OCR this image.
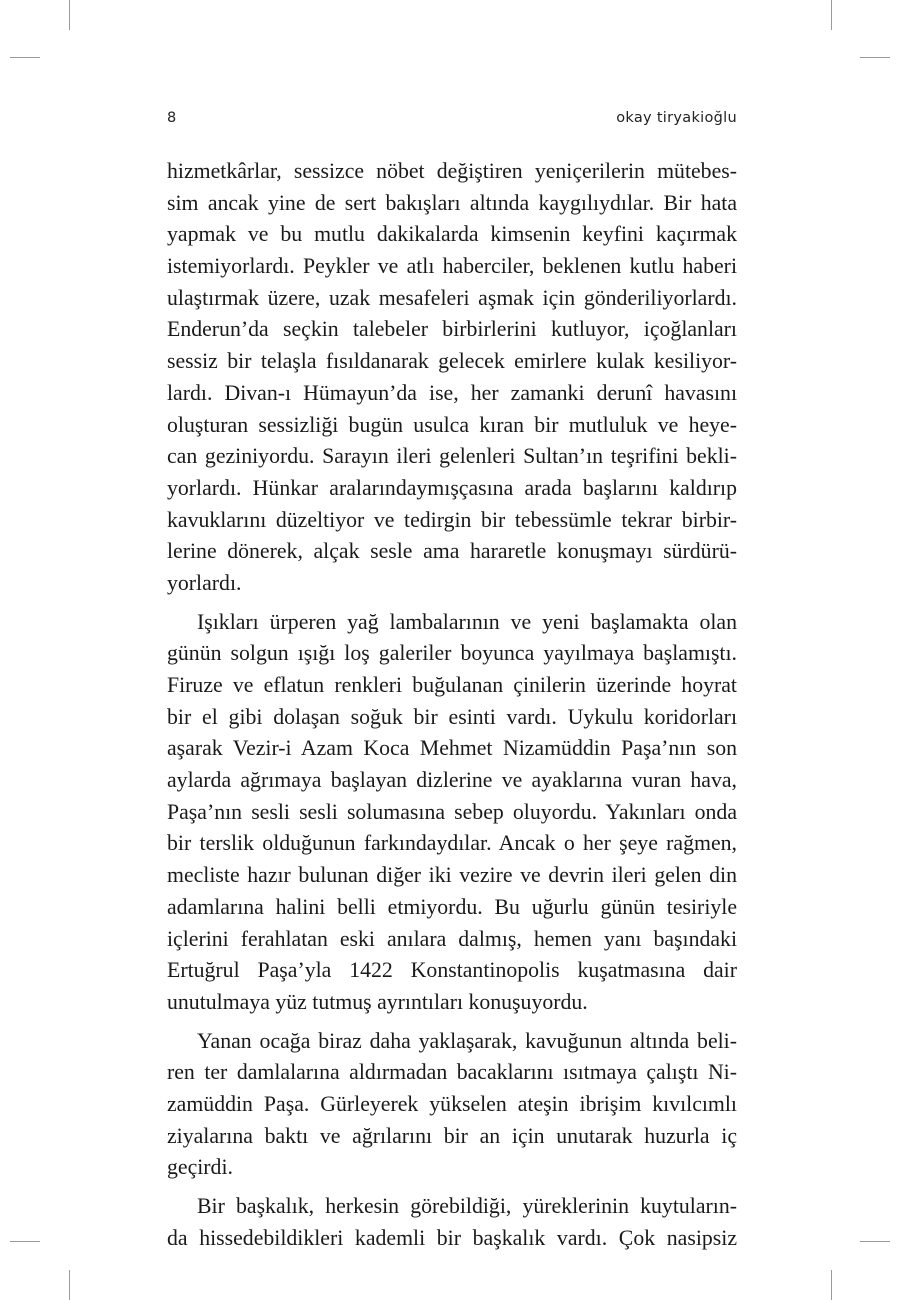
8	okay tiryakioğlu
hizmetkârlar, sessizce nöbet değiştiren yeniçerilerin mütebes-
sim ancak yine de sert bakışları altında kaygılıydılar. Bir hata
yapmak ve bu mutlu dakikalarda kimsenin keyfini kaçırmak
istemiyorlardı. Peykler ve atlı haberciler, beklenen kutlu haberi
ulaştırmak üzere, uzak mesafeleri aşmak için gönderiliyorlardı.
Enderun’da seçkin talebeler birbirlerini kutluyor, içoğlanları
sessiz bir telaşla fısıldanarak gelecek emirlere kulak kesiliyor-
lardı. Divan-ı Hümayun’da ise, her zamanki derunî havasını
oluşturan sessizliği bugün usulca kıran bir mutluluk ve heye-
can geziniyordu. Sarayın ileri gelenleri Sultan’ın teşrifini bekli-
yorlardı. Hünkar aralarındaymışçasına arada başlarını kaldırıp
kavuklarını düzeltiyor ve tedirgin bir tebessümle tekrar birbir-
lerine dönerek, alçak sesle ama hararetle konuşmayı sürdürü-
yorlardı.
Işıkları ürperen yağ lambalarının ve yeni başlamakta olan
günün solgun ışığı loş galeriler boyunca yayılmaya başlamıştı.
Firuze ve eflatun renkleri buğulanan çinilerin üzerinde hoyrat
bir el gibi dolaşan soğuk bir esinti vardı. Uykulu koridorları
aşarak Vezir-i Azam Koca Mehmet Nizamüddin Paşa’nın son
aylarda ağrımaya başlayan dizlerine ve ayaklarına vuran hava,
Paşa’nın sesli sesli solumasına sebep oluyordu. Yakınları onda
bir terslik olduğunun farkındaydılar. Ancak o her şeye rağmen,
mecliste hazır bulunan diğer iki vezire ve devrin ileri gelen din
adamlarına halini belli etmiyordu. Bu uğurlu günün tesiriyle
içlerini ferahlatan eski anılara dalmış, hemen yanı başındaki
Ertuğrul Paşa’yla 1422 Konstantinopolis kuşatmasına dair
unutulmaya yüz tutmuş ayrıntıları konuşuyordu.
Yanan ocağa biraz daha yaklaşarak, kavuğunun altında beli-
ren ter damlalarına aldırmadan bacaklarını ısıtmaya çalıştı Ni-
zamüddin Paşa. Gürleyerek yükselen ateşin ibrişim kıvılcımlı
ziyalarına baktı ve ağrılarını bir an için unutarak huzurla iç
geçirdi.
Bir başkalık, herkesin görebildiği, yüreklerinin kuytuların-
da hissedebildikleri kademli bir başkalık vardı. Çok nasipsiz
